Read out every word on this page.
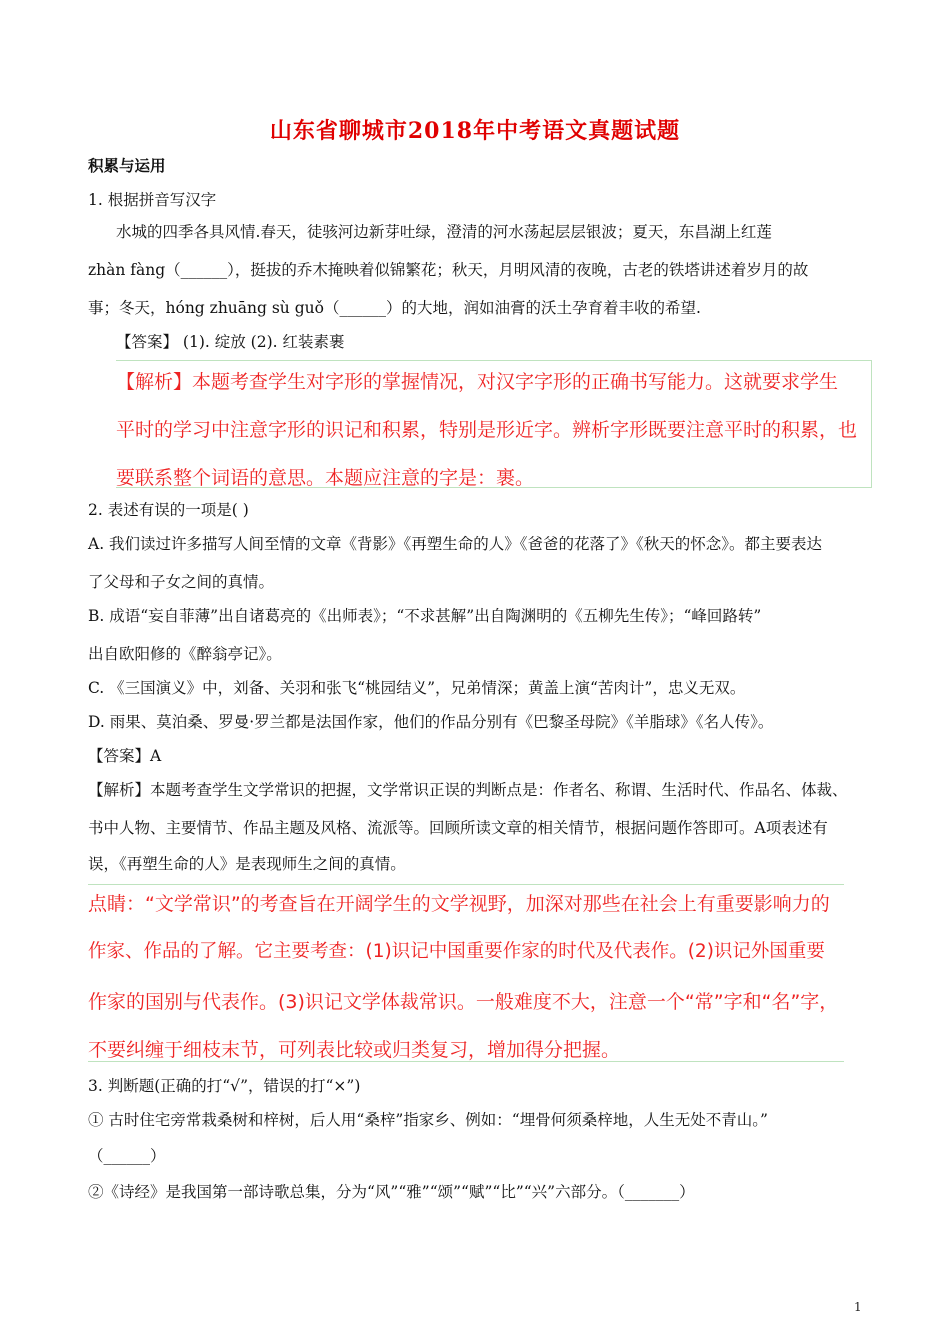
山东省聊城市2018年中考语文真题试题
积累与运用
1. 根据拼音写汉字
水城的四季各具风情.春天，徒骇河边新芽吐绿，澄清的河水荡起层层银波；夏天，东昌湖上红莲
zhàn fàng（______），挺拔的乔木掩映着似锦繁花；秋天，月明风清的夜晚，古老的铁塔讲述着岁月的故
事；冬天，hóng zhuāng sù guǒ（______）的大地，润如油膏的沃土孕育着丰收的希望.
【答案】 (1). 绽放 (2). 红装素裹
【解析】本题考查学生对字形的掌握情况，对汉字字形的正确书写能力。这就要求学生
平时的学习中注意字形的识记和积累，特别是形近字。辨析字形既要注意平时的积累，也
要联系整个词语的意思。本题应注意的字是：裹。
2. 表述有误的一项是( )
A. 我们读过许多描写人间至情的文章《背影》《再塑生命的人》《爸爸的花落了》《秋天的怀念》。都主要表达
了父母和子女之间的真情。
B. 成语“妄自菲薄”出自诸葛亮的《出师表》；“不求甚解”出自陶渊明的《五柳先生传》；“峰回路转”
出自欧阳修的《醉翁亭记》。
C. 《三国演义》中，刘备、关羽和张飞“桃园结义”，兄弟情深；黄盖上演“苦肉计”，忠义无双。
D. 雨果、莫泊桑、罗曼·罗兰都是法国作家，他们的作品分别有《巴黎圣母院》《羊脂球》《名人传》。
【答案】A
【解析】本题考查学生文学常识的把握，文学常识正误的判断点是：作者名、称谓、生活时代、作品名、体裁、
书中人物、主要情节、作品主题及风格、流派等。回顾所读文章的相关情节，根据问题作答即可。A项表述有
误，《再塑生命的人》是表现师生之间的真情。
点睛：“文学常识”的考查旨在开阔学生的文学视野，加深对那些在社会上有重要影响力的
作家、作品的了解。它主要考查：(1)识记中国重要作家的时代及代表作。(2)识记外国重要
作家的国别与代表作。(3)识记文学体裁常识。一般难度不大，注意一个“常”字和“名”字，
不要纠缠于细枝末节，可列表比较或归类复习，增加得分把握。
3. 判断题(正确的打“√”，错误的打“×”)
① 古时住宅旁常栽桑树和梓树，后人用“桑梓”指家乡、例如：“埋骨何须桑梓地，人生无处不青山。”
（______）
②《诗经》是我国第一部诗歌总集，分为“风”“雅”“颂”“赋”“比”“兴”六部分。（_______）
1
